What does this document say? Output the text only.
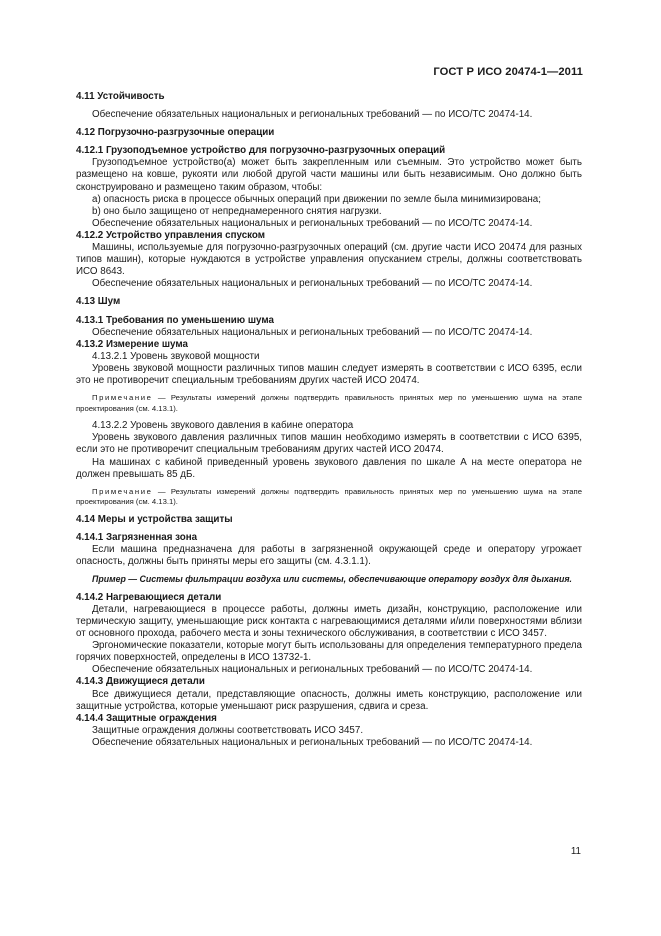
ГОСТ Р ИСО 20474-1—2011

4.11 Устойчивость

Обеспечение обязательных национальных и региональных требований — по ИСО/ТС 20474-14.

4.12 Погрузочно-разгрузочные операции

4.12.1 Грузоподъемное устройство для погрузочно-разгрузочных операций

Грузоподъемное устройство(а) может быть закрепленным или съемным. Это устройство может быть размещено на ковше, рукояти или любой другой части машины или быть независимым. Оно должно быть сконструировано и размещено таким образом, чтобы:

a) опасность риска в процессе обычных операций при движении по земле была минимизирована;

b) оно было защищено от непреднамеренного снятия нагрузки.

Обеспечение обязательных национальных и региональных требований — по ИСО/ТС 20474-14.

4.12.2 Устройство управления спуском

Машины, используемые для погрузочно-разгрузочных операций (см. другие части ИСО 20474 для разных типов машин), которые нуждаются в устройстве управления опусканием стрелы, должны соответствовать ИСО 8643.

Обеспечение обязательных национальных и региональных требований — по ИСО/ТС 20474-14.

4.13 Шум

4.13.1 Требования по уменьшению шума

Обеспечение обязательных национальных и региональных требований — по ИСО/ТС 20474-14.

4.13.2 Измерение шума

4.13.2.1 Уровень звуковой мощности

Уровень звуковой мощности различных типов машин следует измерять в соответствии с ИСО 6395, если это не противоречит специальным требованиям других частей ИСО 20474.

Примечание — Результаты измерений должны подтвердить правильность принятых мер по уменьшению шума на этапе проектирования (см. 4.13.1).

4.13.2.2 Уровень звукового давления в кабине оператора

Уровень звукового давления различных типов машин необходимо измерять в соответствии с ИСО 6395, если это не противоречит специальным требованиям других частей ИСО 20474.

На машинах с кабиной приведенный уровень звукового давления по шкале А на месте оператора не должен превышать 85 дБ.

Примечание — Результаты измерений должны подтвердить правильность принятых мер по уменьшению шума на этапе проектирования (см. 4.13.1).

4.14 Меры и устройства защиты

4.14.1 Загрязненная зона

Если машина предназначена для работы в загрязненной окружающей среде и оператору угрожает опасность, должны быть приняты меры его защиты (см. 4.3.1.1).

Пример — Системы фильтрации воздуха или системы, обеспечивающие оператору воздух для дыхания.

4.14.2 Нагревающиеся детали

Детали, нагревающиеся в процессе работы, должны иметь дизайн, конструкцию, расположение или термическую защиту, уменьшающие риск контакта с нагревающимися деталями и/или поверхностями вблизи от основного прохода, рабочего места и зоны технического обслуживания, в соответствии с ИСО 3457.

Эргономические показатели, которые могут быть использованы для определения температурного предела горячих поверхностей, определены в ИСО 13732-1.

Обеспечение обязательных национальных и региональных требований — по ИСО/ТС 20474-14.

4.14.3 Движущиеся детали

Все движущиеся детали, представляющие опасность, должны иметь конструкцию, расположение или защитные устройства, которые уменьшают риск разрушения, сдвига и среза.

4.14.4 Защитные ограждения

Защитные ограждения должны соответствовать ИСО 3457.

Обеспечение обязательных национальных и региональных требований — по ИСО/ТС 20474-14.

11
